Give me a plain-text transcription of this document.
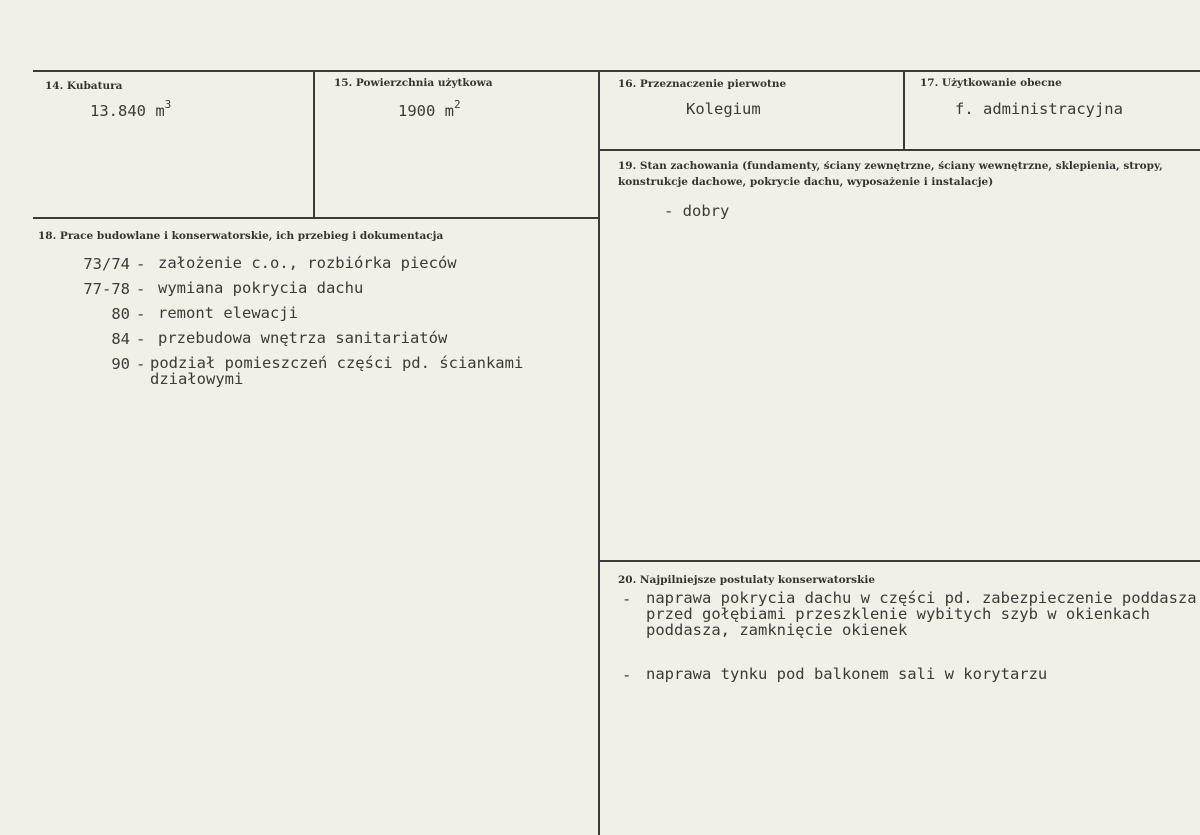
14. Kubatura
13.840 $m^3$
15. Powierzchnia użytkowa
1900 $m^2$
16. Przeznaczenie pierwotne
Kolegium
17. Użytkowanie obecne
f. administracyjna
18. Prace budowlane i konserwatorskie, ich przebieg i dokumentacja
73/74 - założenie c.o., rozbiórka pieców
77-78 - wymiana pokrycia dachu
80 - remont elewacji
84 - przebudowa wnętrza sanitariatów
90 - podział pomieszczeń części pd. ściankami działowymi
19. Stan zachowania (fundamenty, ściany zewnętrzne, ściany wewnętrzne, sklepienia, stropy, konstrukcje dachowe, pokrycie dachu, wyposażenie i instalacje)
- dobry
20. Najpilniejsze postulaty konserwatorskie
- naprawa pokrycia dachu w części pd. zabezpieczenie poddasza przed gołębiami przeszklenie wybitych szyb w okienkach poddasza, zamknięcie okienek
- naprawa tynku pod balkonem sali w korytarzu
